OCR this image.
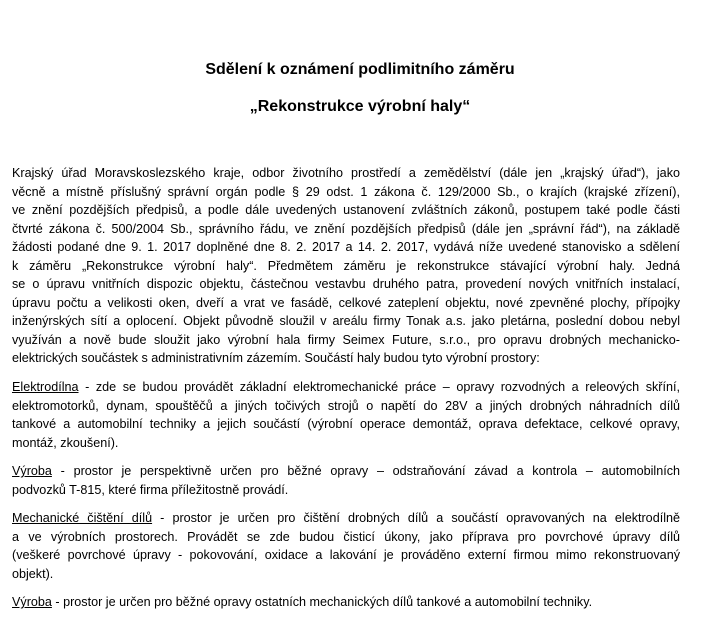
Sdělení k oznámení podlimitního záměru
„Rekonstrukce výrobní haly“

Krajský úřad Moravskoslezského kraje, odbor životního prostředí a zemědělství (dále jen „krajský úřad“), jako
věcně a místně příslušný správní orgán podle § 29 odst. 1 zákona č. 129/2000 Sb., o krajích (krajské zřízení),
ve znění pozdějších předpisů, a podle dále uvedených ustanovení zvláštních zákonů, postupem také podle části
čtvrté zákona č. 500/2004 Sb., správního řádu, ve znění pozdějších předpisů (dále jen „správní řád“), na základě
žádosti podané dne 9. 1. 2017 doplněné dne 8. 2. 2017 a 14. 2. 2017, vydává níže uvedené stanovisko a sdělení
k záměru „Rekonstrukce výrobní haly“. Předmětem záměru je rekonstrukce stávající výrobní haly. Jedná
se o úpravu vnitřních dispozic objektu, částečnou vestavbu druhého patra, provedení nových vnitřních instalací,
úpravu počtu a velikosti oken, dveří a vrat ve fasádě, celkové zateplení objektu, nové zpevněné plochy, přípojky
inženýrských sítí a oplocení. Objekt původně sloužil v areálu firmy Tonak a.s. jako pletárna, poslední dobou nebyl
využíván a nově bude sloužit jako výrobní hala firmy Seimex Future, s.r.o., pro opravu drobných mechanicko-
elektrických součástek s administrativním zázemím. Součástí haly budou tyto výrobní prostory:

Elektrodílna - zde se budou provádět základní elektromechanické práce – opravy rozvodných a releových skříní,
elektromotorků, dynam, spouštěčů a jiných točivých strojů o napětí do 28V a jiných drobných náhradních dílů
tankové a automobilní techniky a jejich součástí (výrobní operace demontáž, oprava defektace, celkové opravy,
montáž, zkoušení).

Výroba - prostor je perspektivně určen pro běžné opravy – odstraňování závad a kontrola – automobilních
podvozků T-815, které firma příležitostně provádí.

Mechanické čištění dílů - prostor je určen pro čištění drobných dílů a součástí opravovaných na elektrodílně
a ve výrobních prostorech. Provádět se zde budou čisticí úkony, jako příprava pro povrchové úpravy dílů
(veškeré povrchové úpravy - pokovování, oxidace a lakování je prováděno externí firmou mimo rekonstruovaný
objekt).

Výroba - prostor je určen pro běžné opravy ostatních mechanických dílů tankové a automobilní techniky.
